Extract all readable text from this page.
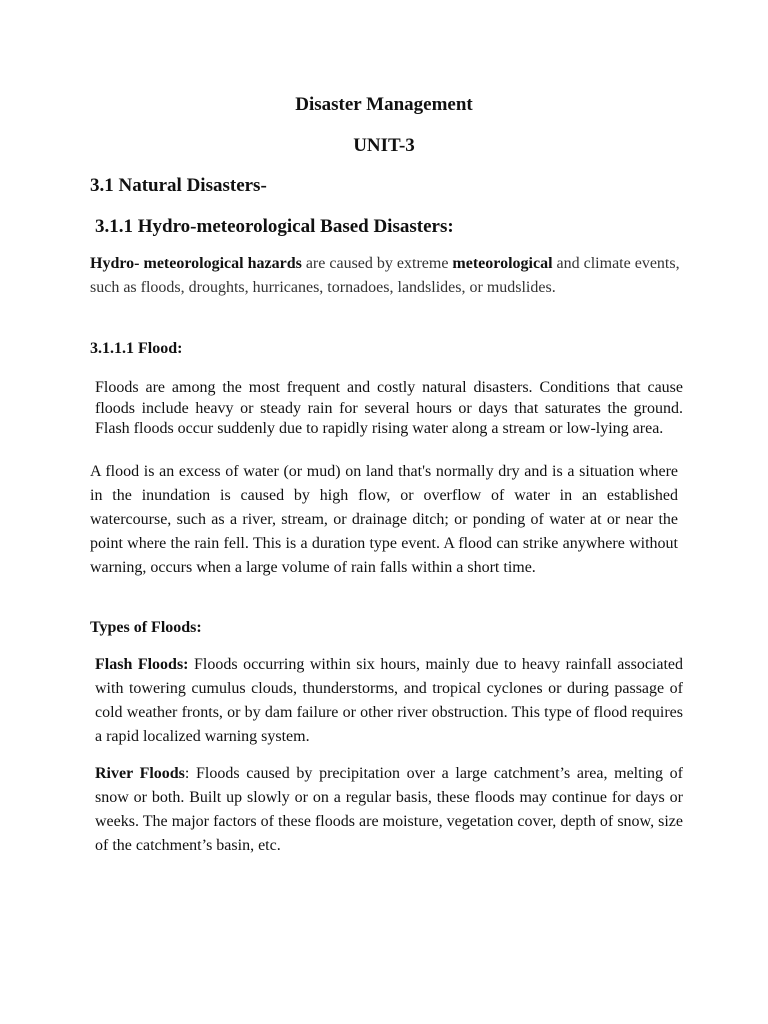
Disaster Management
UNIT-3
3.1 Natural Disasters-
3.1.1 Hydro-meteorological Based Disasters:
Hydro- meteorological hazards are caused by extreme meteorological and climate events, such as floods, droughts, hurricanes, tornadoes, landslides, or mudslides.
3.1.1.1 Flood:
Floods are among the most frequent and costly natural disasters. Conditions that cause floods include heavy or steady rain for several hours or days that saturates the ground. Flash floods occur suddenly due to rapidly rising water along a stream or low-lying area.
A flood is an excess of water (or mud) on land that's normally dry and is a situation where in the inundation is caused by high flow, or overflow of water in an established watercourse, such as a river, stream, or drainage ditch; or ponding of water at or near the point where the rain fell. This is a duration type event. A flood can strike anywhere without warning, occurs when a large volume of rain falls within a short time.
Types of Floods:
Flash Floods: Floods occurring within six hours, mainly due to heavy rainfall associated with towering cumulus clouds, thunderstorms, and tropical cyclones or during passage of cold weather fronts, or by dam failure or other river obstruction. This type of flood requires a rapid localized warning system.
River Floods: Floods caused by precipitation over a large catchment’s area, melting of snow or both. Built up slowly or on a regular basis, these floods may continue for days or weeks. The major factors of these floods are moisture, vegetation cover, depth of snow, size of the catchment’s basin, etc.
